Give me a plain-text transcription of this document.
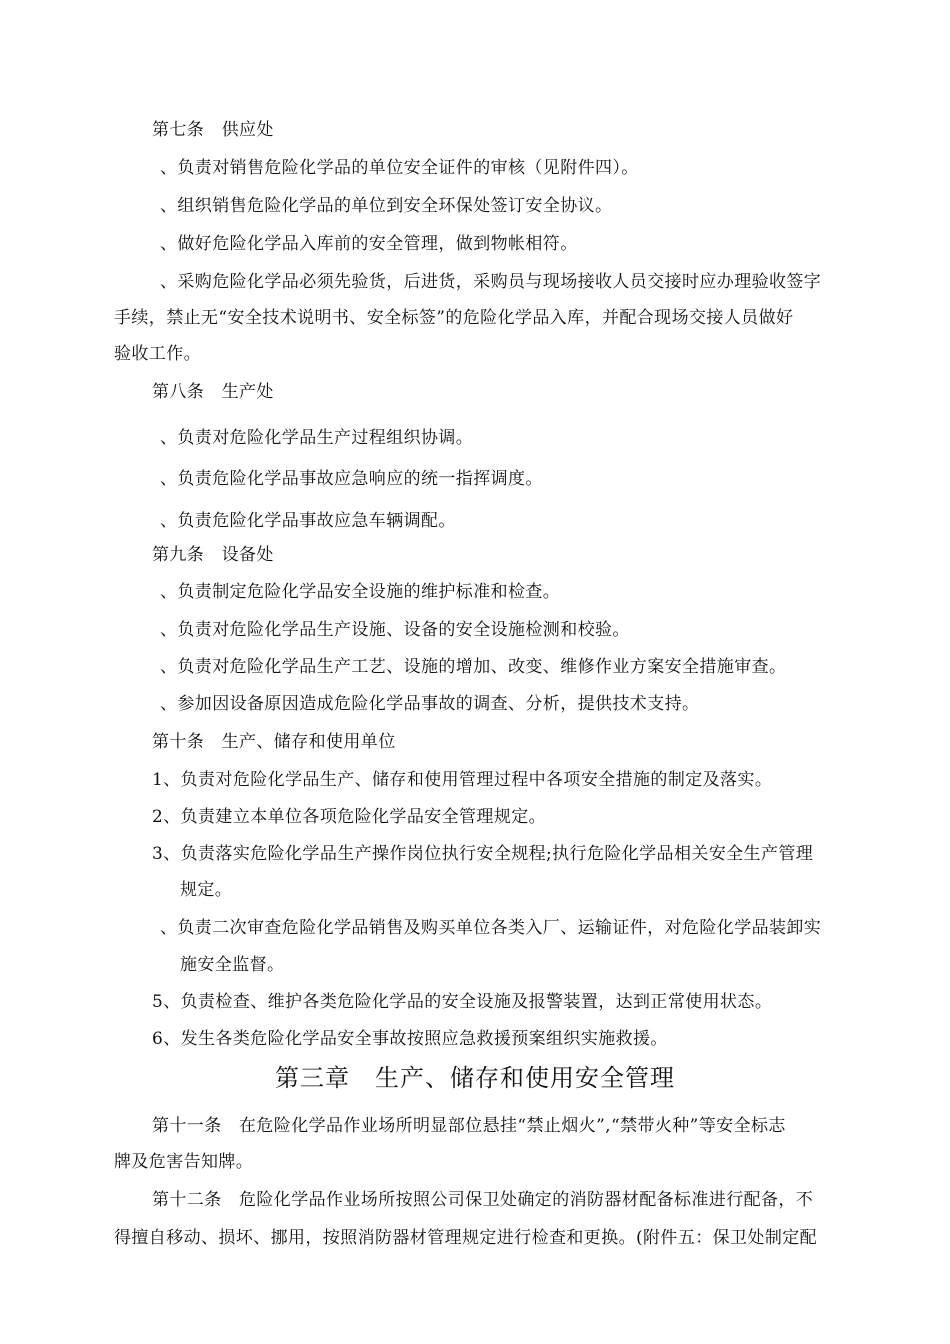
第七条　供应处
、负责对销售危险化学品的单位安全证件的审核（见附件四）。
、组织销售危险化学品的单位到安全环保处签订安全协议。
、做好危险化学品入库前的安全管理，做到物帐相符。
、采购危险化学品必须先验货，后进货，采购员与现场接收人员交接时应办理验收签字
手续，禁止无“安全技术说明书、安全标签”的危险化学品入库，并配合现场交接人员做好
验收工作。
第八条　生产处
、负责对危险化学品生产过程组织协调。
、负责危险化学品事故应急响应的统一指挥调度。
、负责危险化学品事故应急车辆调配。
第九条　设备处
、负责制定危险化学品安全设施的维护标准和检查。
、负责对危险化学品生产设施、设备的安全设施检测和校验。
、负责对危险化学品生产工艺、设施的增加、改变、维修作业方案安全措施审查。
、参加因设备原因造成危险化学品事故的调查、分析，提供技术支持。
第十条　生产、储存和使用单位
1、负责对危险化学品生产、储存和使用管理过程中各项安全措施的制定及落实。
2、负责建立本单位各项危险化学品安全管理规定。
3、负责落实危险化学品生产操作岗位执行安全规程;执行危险化学品相关安全生产管理
规定。
、负责二次审查危险化学品销售及购买单位各类入厂、运输证件，对危险化学品装卸实
施安全监督。
5、负责检查、维护各类危险化学品的安全设施及报警装置，达到正常使用状态。
6、发生各类危险化学品安全事故按照应急救援预案组织实施救援。
第三章　生产、储存和使用安全管理
第十一条　在危险化学品作业场所明显部位悬挂“禁止烟火”,“禁带火种”等安全标志
牌及危害告知牌。
第十二条　危险化学品作业场所按照公司保卫处确定的消防器材配备标准进行配备，不
得擅自移动、损坏、挪用，按照消防器材管理规定进行检查和更换。(附件五：保卫处制定配
